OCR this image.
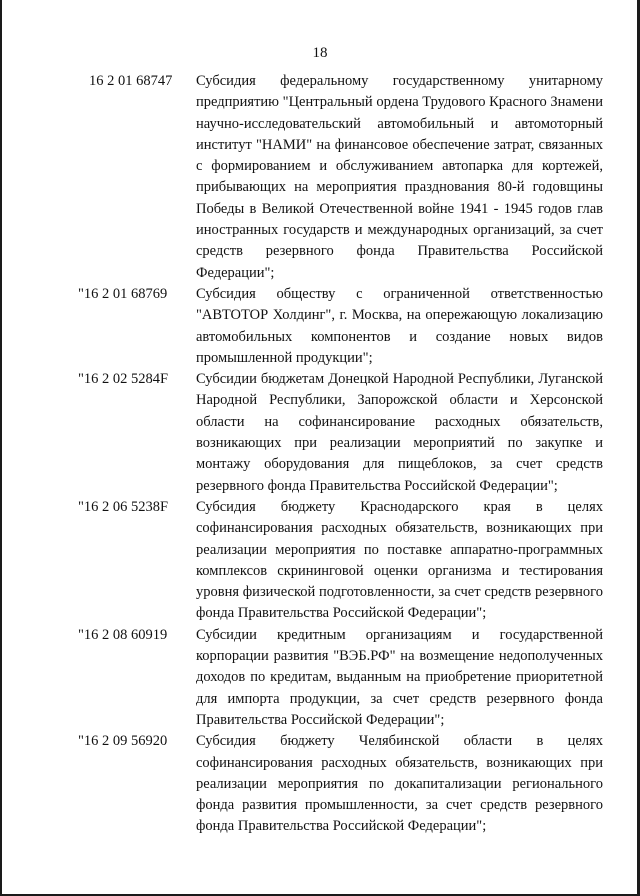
18
16 2 01 68747	Субсидия федеральному государственному унитарному предприятию "Центральный ордена Трудового Красного Знамени научно-исследовательский автомобильный и автомоторный институт "НАМИ" на финансовое обеспечение затрат, связанных с формированием и обслуживанием автопарка для кортежей, прибывающих на мероприятия празднования 80-й годовщины Победы в Великой Отечественной войне 1941 - 1945 годов глав иностранных государств и международных организаций, за счет средств резервного фонда Правительства Российской Федерации";
"16 2 01 68769	Субсидия обществу с ограниченной ответственностью "АВТОТОР Холдинг", г. Москва, на опережающую локализацию автомобильных компонентов и создание новых видов промышленной продукции";
"16 2 02 5284F	Субсидии бюджетам Донецкой Народной Республики, Луганской Народной Республики, Запорожской области и Херсонской области на софинансирование расходных обязательств, возникающих при реализации мероприятий по закупке и монтажу оборудования для пищеблоков, за счет средств резервного фонда Правительства Российской Федерации";
"16 2 06 5238F	Субсидия бюджету Краснодарского края в целях софинансирования расходных обязательств, возникающих при реализации мероприятия по поставке аппаратно-программных комплексов скрининговой оценки организма и тестирования уровня физической подготовленности, за счет средств резервного фонда Правительства Российской Федерации";
"16 2 08 60919	Субсидии кредитным организациям и государственной корпорации развития "ВЭБ.РФ" на возмещение недополученных доходов по кредитам, выданным на приобретение приоритетной для импорта продукции, за счет средств резервного фонда Правительства Российской Федерации";
"16 2 09 56920	Субсидия бюджету Челябинской области в целях софинансирования расходных обязательств, возникающих при реализации мероприятия по докапитализации регионального фонда развития промышленности, за счет средств резервного фонда Правительства Российской Федерации";
